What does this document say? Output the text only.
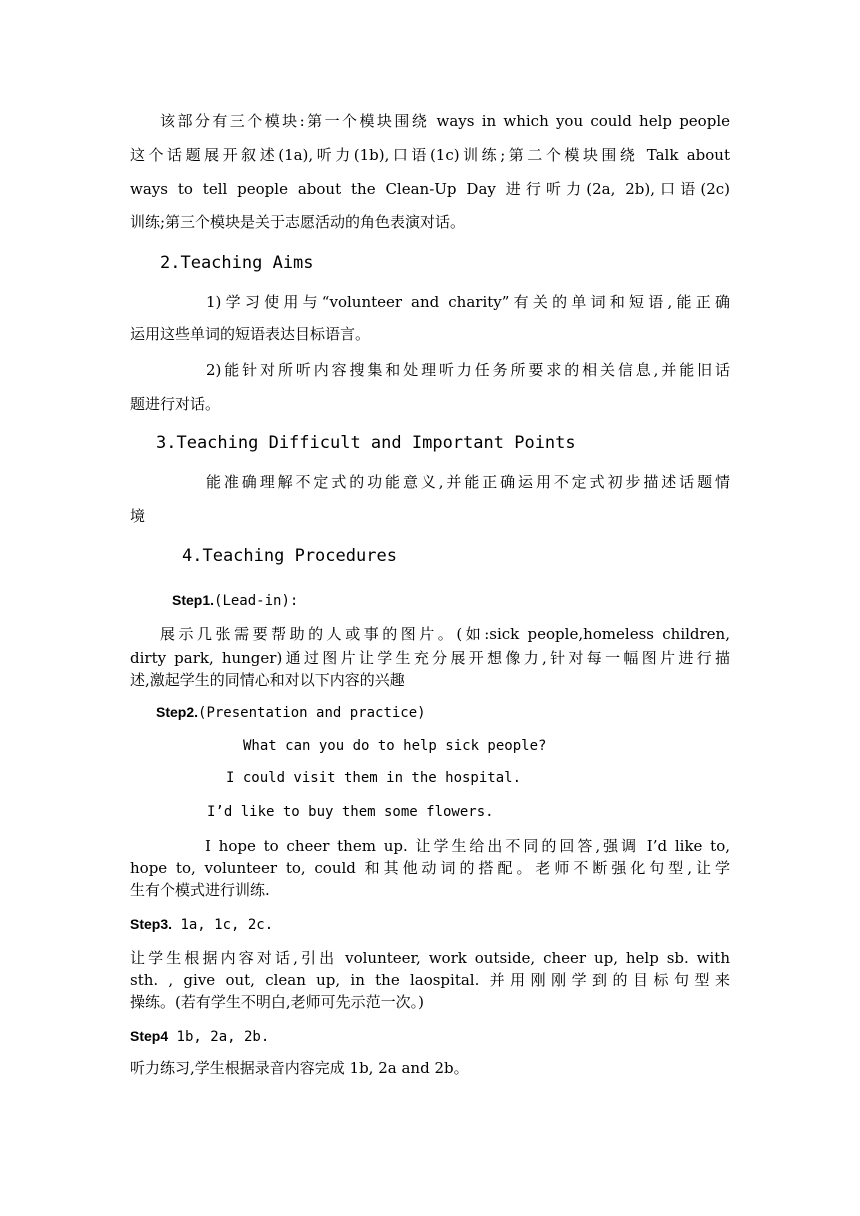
该部分有三个模块:第一个模块围绕 ways in which you could help people
这个话题展开叙述(1a),听力(1b),口语(1c)训练;第二个模块围绕 Talk about
ways to tell people about the Clean-Up Day 进行听力(2a, 2b),口语(2c)
训练;第三个模块是关于志愿活动的角色表演对话。
2.Teaching Aims
1)学习使用与“volunteer and charity”有关的单词和短语,能正确
运用这些单词的短语表达目标语言。
2)能针对所听内容搜集和处理听力任务所要求的相关信息,并能旧话
题进行对话。
3.Teaching Difficult and Important Points
能准确理解不定式的功能意义,并能正确运用不定式初步描述话题情
境
4.Teaching Procedures
Step1.(Lead-in):
展示几张需要帮助的人或事的图片。(如:sick people,homeless children,
dirty park, hunger)通过图片让学生充分展开想像力,针对每一幅图片进行描
述,激起学生的同情心和对以下内容的兴趣
Step2.(Presentation and practice)
What can you do to help sick people?
I could visit them in the hospital.
I’d like to buy them some flowers.
I hope to cheer them up. 让学生给出不同的回答,强调 I’d like to,
hope to, volunteer to, could 和其他动词的搭配。老师不断强化句型,让学
生有个模式进行训练.
Step3. 1a, 1c, 2c.
让学生根据内容对话,引出 volunteer, work outside, cheer up, help sb. with
sth. , give out, clean up, in the laospital. 并用刚刚学到的目标句型来
操练。(若有学生不明白,老师可先示范一次。)
Step4 1b, 2a, 2b.
听力练习,学生根据录音内容完成 1b, 2a and 2b。
